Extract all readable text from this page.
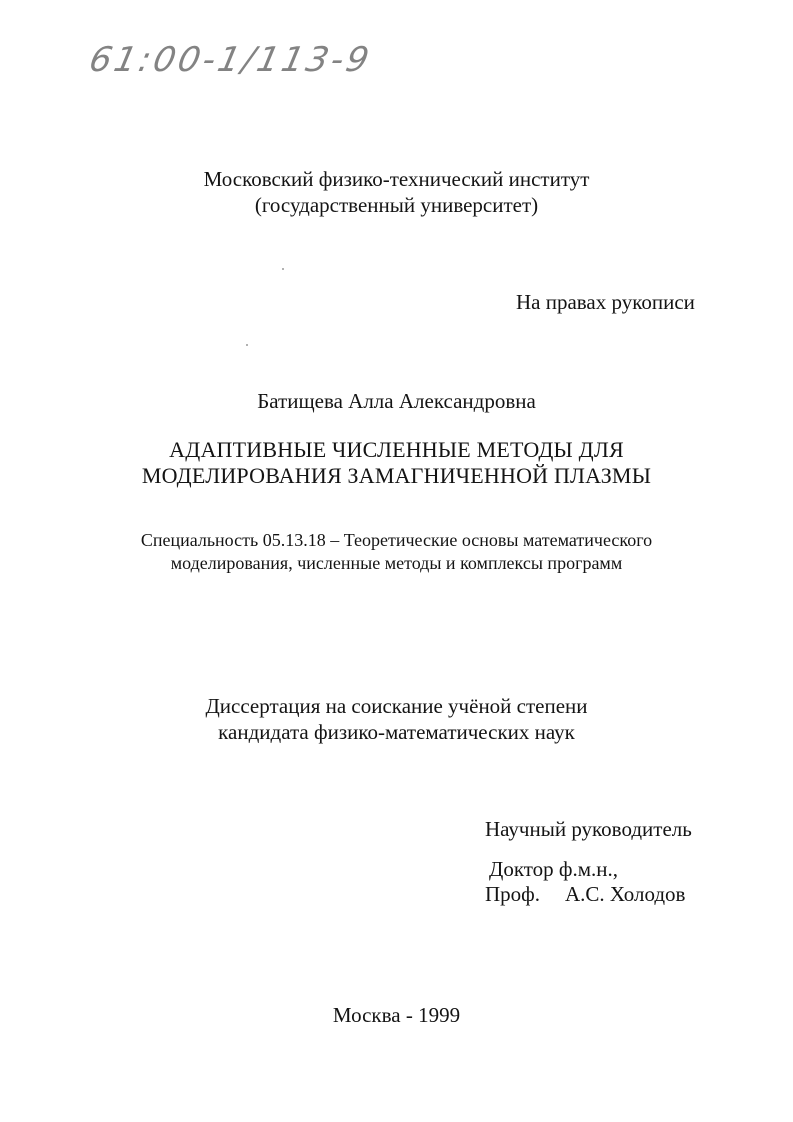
61:00-1/113-9
Московский физико-технический институт
(государственный университет)
На правах рукописи
Батищева Алла Александровна
АДАПТИВНЫЕ ЧИСЛЕННЫЕ МЕТОДЫ ДЛЯ
МОДЕЛИРОВАНИЯ ЗАМАГНИЧЕННОЙ ПЛАЗМЫ
Специальность 05.13.18 – Теоретические основы математического
моделирования, численные методы и комплексы программ
Диссертация на соискание учёной степени
кандидата физико-математических наук
Научный руководитель
Доктор ф.м.н.,
Проф. А.С. Холодов
Москва - 1999
